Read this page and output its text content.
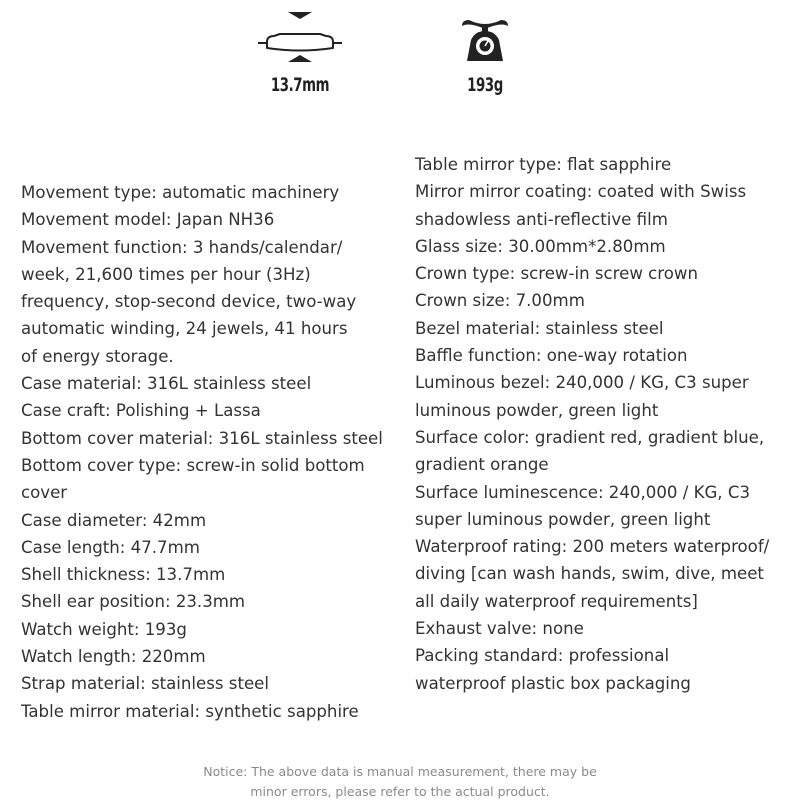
13.7mm	193g
Movement type: automatic machinery
Movement model: Japan NH36
Movement function: 3 hands/calendar/
week, 21,600 times per hour (3Hz)
frequency, stop-second device, two-way
automatic winding, 24 jewels, 41 hours
of energy storage.
Case material: 316L stainless steel
Case craft: Polishing + Lassa
Bottom cover material: 316L stainless steel
Bottom cover type: screw-in solid bottom
cover
Case diameter: 42mm
Case length: 47.7mm
Shell thickness: 13.7mm
Shell ear position: 23.3mm
Watch weight: 193g
Watch length: 220mm
Strap material: stainless steel
Table mirror material: synthetic sapphire
Table mirror type: flat sapphire
Mirror mirror coating: coated with Swiss
shadowless anti-reflective film
Glass size: 30.00mm*2.80mm
Crown type: screw-in screw crown
Crown size: 7.00mm
Bezel material: stainless steel
Baffle function: one-way rotation
Luminous bezel: 240,000 / KG, C3 super
luminous powder, green light
Surface color: gradient red, gradient blue,
gradient orange
Surface luminescence: 240,000 / KG, C3
super luminous powder, green light
Waterproof rating: 200 meters waterproof/
diving [can wash hands, swim, dive, meet
all daily waterproof requirements]
Exhaust valve: none
Packing standard: professional
waterproof plastic box packaging
Notice: The above data is manual measurement, there may be
minor errors, please refer to the actual product.
